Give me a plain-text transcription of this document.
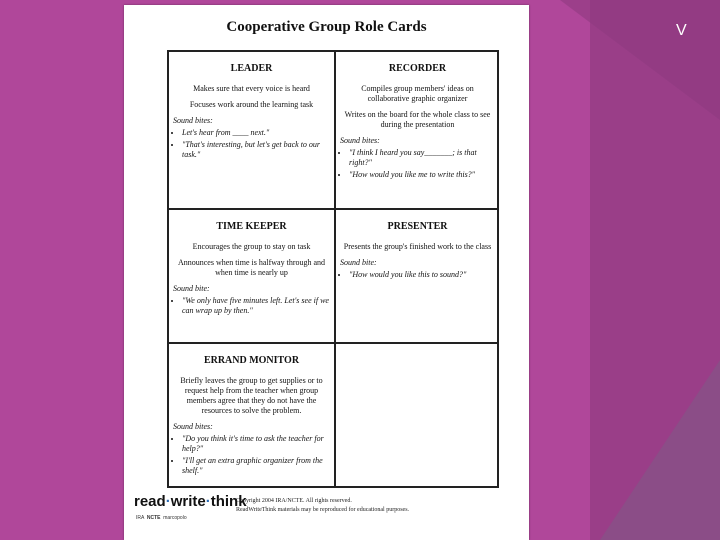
V
Cooperative Group Role Cards
LEADER

Makes sure that every voice is heard

Focuses work around the learning task

Sound bites:
• Let's hear from ____ next."
• "That's interesting, but let's get back to our task."
RECORDER

Compiles group members' ideas on collaborative graphic organizer

Writes on the board for the whole class to see during the presentation

Sound bites:
• "I think I heard you say_______; is that right?"
• "How would you like me to write this?"
TIME KEEPER

Encourages the group to stay on task

Announces when time is halfway through and when time is nearly up

Sound bite:
• "We only have five minutes left. Let's see if we can wrap up by then."
PRESENTER

Presents the group's finished work to the class

Sound bite:
• "How would you like this to sound?"
ERRAND MONITOR

Briefly leaves the group to get supplies or to request help from the teacher when group members agree that they do not have the resources to solve the problem.

Sound bites:
• "Do you think it's time to ask the teacher for help?"
• "I'll get an extra graphic organizer from the shelf."
read·write·think
Copyright 2004 IRA/NCTE. All rights reserved.
ReadWriteThink materials may be reproduced for educational purposes.
IRA NCTE marcopolo
